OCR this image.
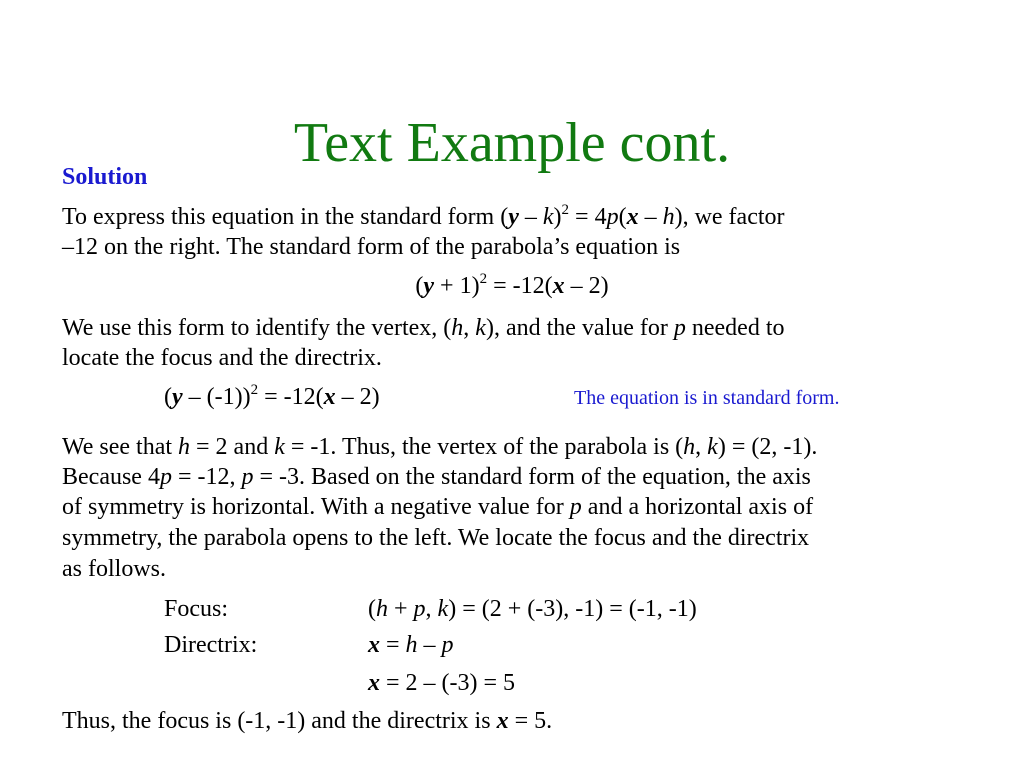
Text Example cont.
Solution
To express this equation in the standard form (y – k)$^2$ = 4p(x – h), we factor
–12 on the right. The standard form of the parabola’s equation is
$(y + 1)^2 = -12(x - 2)$
We use this form to identify the vertex, (h, k), and the value for p needed to
locate the focus and the directrix.
(y – (-1))$^2$ = -12(x – 2)	The equation is in standard form.
We see that h = 2 and k = -1. Thus, the vertex of the parabola is (h, k) = (2, -1).
Because 4p = -12, p = -3. Based on the standard form of the equation, the axis
of symmetry is horizontal. With a negative value for p and a horizontal axis of
symmetry, the parabola opens to the left. We locate the focus and the directrix
as follows.
Focus:	(h + p, k) = (2 + (-3), -1) = (-1, -1)
Directrix:	x = h – p
x = 2 – (-3) = 5
Thus, the focus is (-1, -1) and the directrix is x = 5.
